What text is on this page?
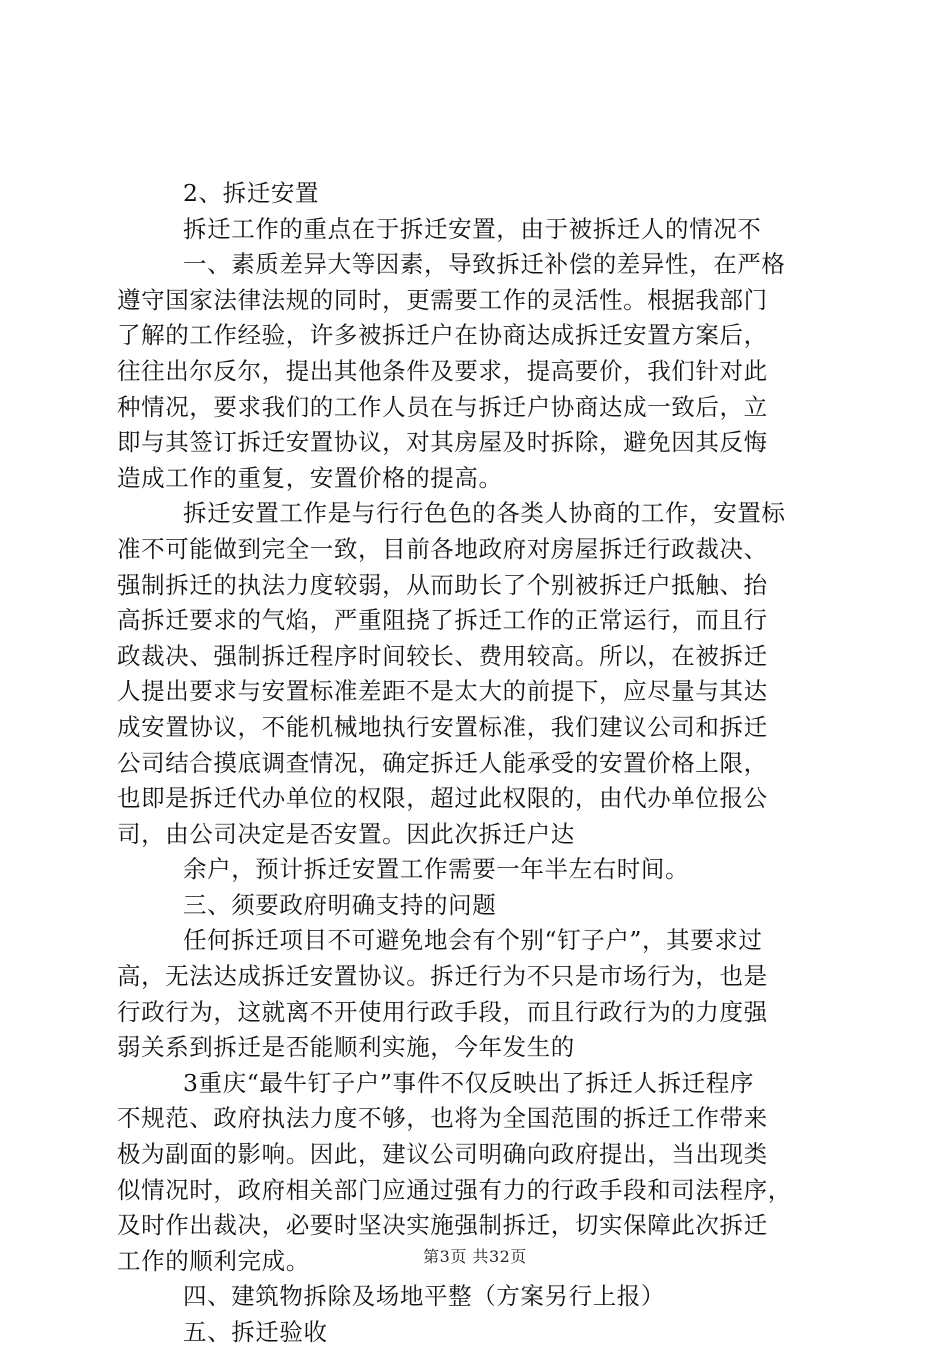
2、拆迁安置
拆迁工作的重点在于拆迁安置，由于被拆迁人的情况不
一、素质差异大等因素，导致拆迁补偿的差异性，在严格
遵守国家法律法规的同时，更需要工作的灵活性。根据我部门
了解的工作经验，许多被拆迁户在协商达成拆迁安置方案后，
往往出尔反尔，提出其他条件及要求，提高要价，我们针对此
种情况，要求我们的工作人员在与拆迁户协商达成一致后，立
即与其签订拆迁安置协议，对其房屋及时拆除，避免因其反悔
造成工作的重复，安置价格的提高。
拆迁安置工作是与行行色色的各类人协商的工作，安置标
准不可能做到完全一致，目前各地政府对房屋拆迁行政裁决、
强制拆迁的执法力度较弱，从而助长了个别被拆迁户抵触、抬
高拆迁要求的气焰，严重阻挠了拆迁工作的正常运行，而且行
政裁决、强制拆迁程序时间较长、费用较高。所以，在被拆迁
人提出要求与安置标准差距不是太大的前提下，应尽量与其达
成安置协议，不能机械地执行安置标准，我们建议公司和拆迁
公司结合摸底调查情况，确定拆迁人能承受的安置价格上限，
也即是拆迁代办单位的权限，超过此权限的，由代办单位报公
司，由公司决定是否安置。因此次拆迁户达
余户，预计拆迁安置工作需要一年半左右时间。
三、须要政府明确支持的问题
任何拆迁项目不可避免地会有个别“钉子户”，其要求过
高，无法达成拆迁安置协议。拆迁行为不只是市场行为，也是
行政行为，这就离不开使用行政手段，而且行政行为的力度强
弱关系到拆迁是否能顺利实施，今年发生的
3重庆“最牛钉子户”事件不仅反映出了拆迁人拆迁程序
不规范、政府执法力度不够，也将为全国范围的拆迁工作带来
极为副面的影响。因此，建议公司明确向政府提出，当出现类
似情况时，政府相关部门应通过强有力的行政手段和司法程序，
及时作出裁决，必要时坚决实施强制拆迁，切实保障此次拆迁
工作的顺利完成。
四、建筑物拆除及场地平整（方案另行上报）
五、拆迁验收
第3页 共32页
